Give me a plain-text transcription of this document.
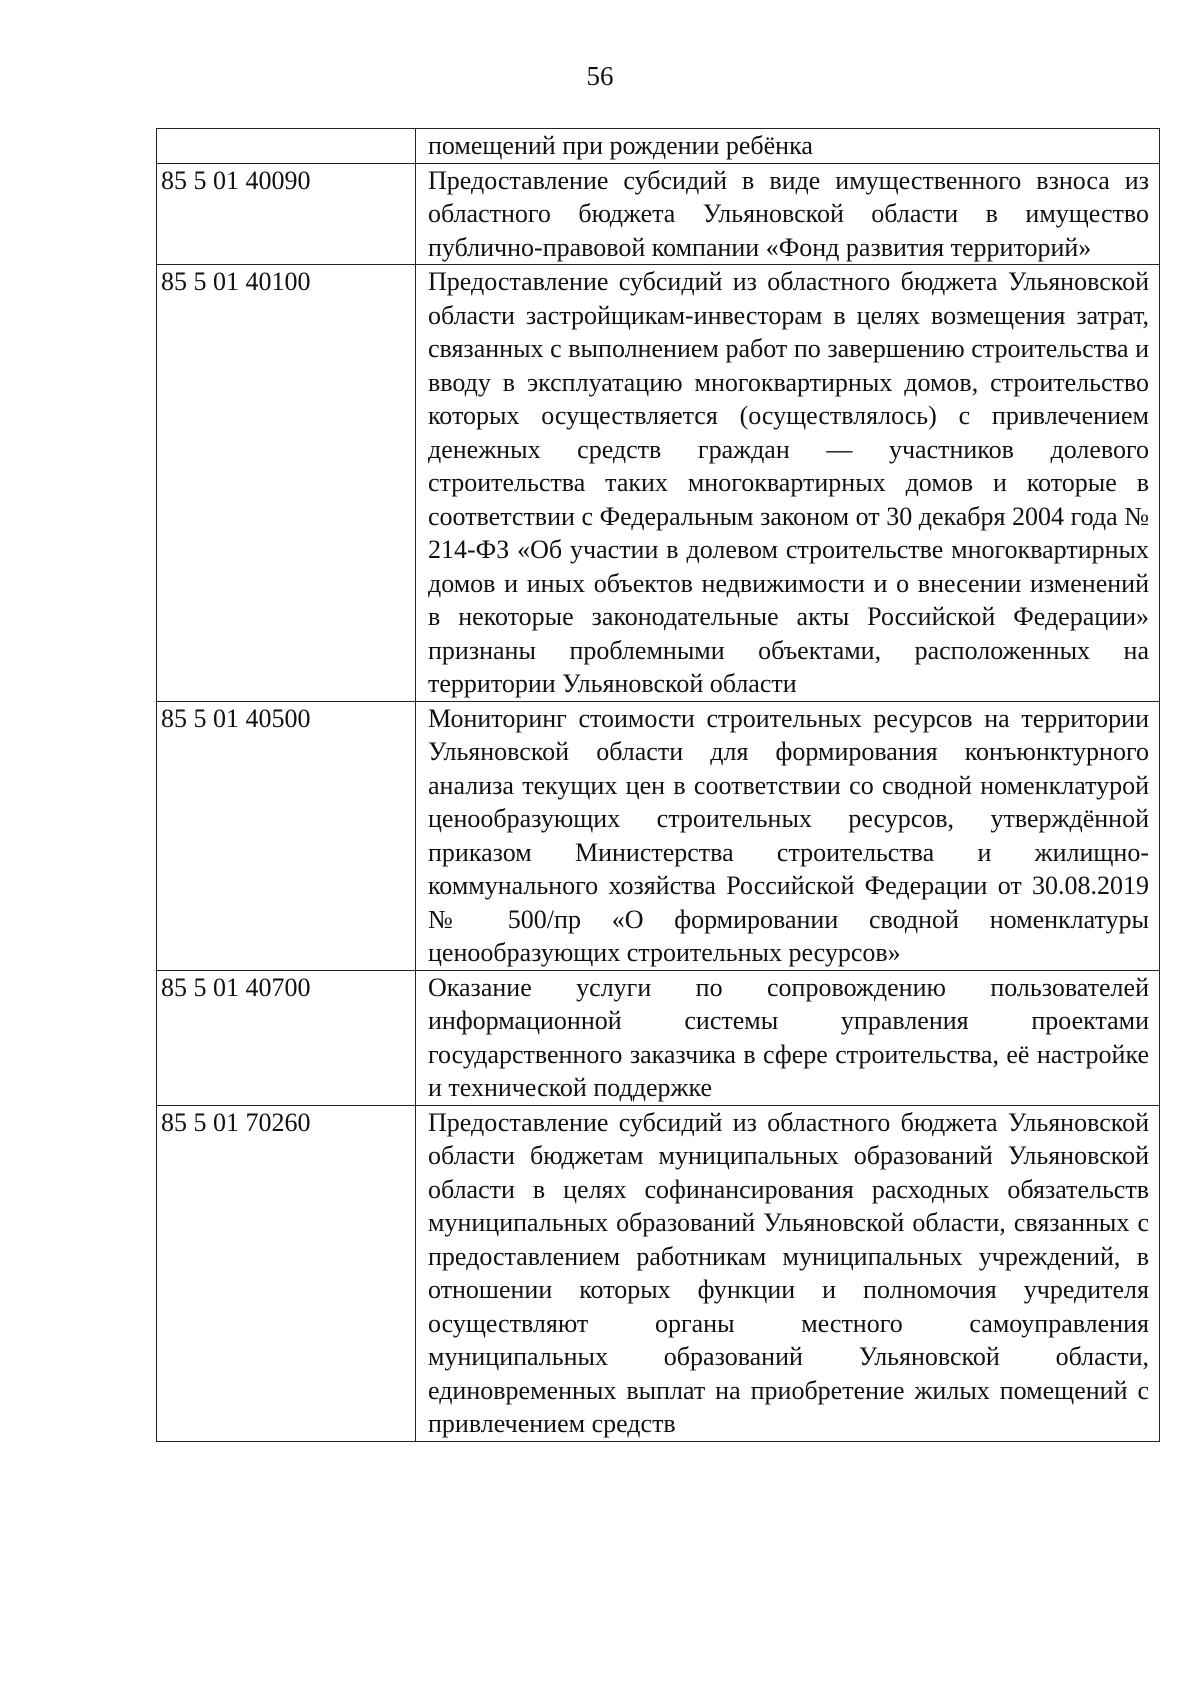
56

	помещений при рождении ребёнка

85 5 01 40090	Предоставление субсидий в виде имущественного взноса из областного бюджета Ульяновской области в имущество публично-правовой компании «Фонд развития территорий»

85 5 01 40100	Предоставление субсидий из областного бюджета Ульяновской области застройщикам-инвесторам в целях возмещения затрат, связанных с выполнением работ по завершению строительства и вводу в эксплуатацию многоквартирных домов, строительство которых осуществляется (осуществлялось) с привлечением денежных средств граждан — участников долевого строительства таких многоквартирных домов и которые в соответствии с Федеральным законом от 30 декабря 2004 года № 214-ФЗ «Об участии в долевом строительстве многоквартирных домов и иных объектов недвижимости и о внесении изменений в некоторые законодательные акты Российской Федерации» признаны проблемными объектами, расположенных на территории Ульяновской области

85 5 01 40500	Мониторинг стоимости строительных ресурсов на территории Ульяновской области для формирования конъюнктурного анализа текущих цен в соответствии со сводной номенклатурой ценообразующих строительных ресурсов, утверждённой приказом Министерства строительства и жилищно-коммунального хозяйства Российской Федерации от 30.08.2019 № 500/пр «О формировании сводной номенклатуры ценообразующих строительных ресурсов»

85 5 01 40700	Оказание услуги по сопровождению пользователей информационной системы управления проектами государственного заказчика в сфере строительства, её настройке и технической поддержке

85 5 01 70260	Предоставление субсидий из областного бюджета Ульяновской области бюджетам муниципальных образований Ульяновской области в целях софинансирования расходных обязательств муниципальных образований Ульяновской области, связанных с предоставлением работникам муниципальных учреждений, в отношении которых функции и полномочия учредителя осуществляют органы местного самоуправления муниципальных образований Ульяновской области, единовременных выплат на приобретение жилых помещений с привлечением средств
